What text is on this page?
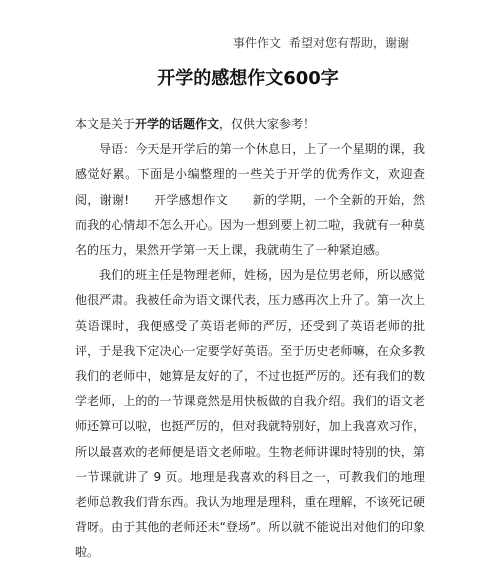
事件作文 希望对您有帮助，谢谢
开学的感想作文600字

本文是关于开学的话题作文，仅供大家参考！

导语：今天是开学后的第一个休息日，上了一个星期的课，我感觉好累。下面是小编整理的一些关于开学的优秀作文，欢迎查阅，谢谢!　　开学感想作文　　新的学期，一个全新的开始，然而我的心情却不怎么开心。因为一想到要上初二啦，我就有一种莫名的压力，果然开学第一天上课，我就萌生了一种紧迫感。

我们的班主任是物理老师，姓杨，因为是位男老师，所以感觉他很严肃。我被任命为语文课代表，压力感再次上升了。第一次上英语课时，我便感受了英语老师的严厉，还受到了英语老师的批评，于是我下定决心一定要学好英语。至于历史老师嘛，在众多教我们的老师中，她算是友好的了，不过也挺严厉的。还有我们的数学老师，上的的一节课竟然是用快板做的自我介绍。我们的语文老师还算可以啦，也挺严厉的，但对我就特别好，加上我喜欢习作，所以最喜欢的老师便是语文老师啦。生物老师讲课时特别的快，第一节课就讲了 9 页。地理是我喜欢的科目之一，可教我们的地理老师总教我们背东西。我认为地理是理科，重在理解，不该死记硬背呀。由于其他的老师还未“登场”。所以就不能说出对他们的印象啦。
